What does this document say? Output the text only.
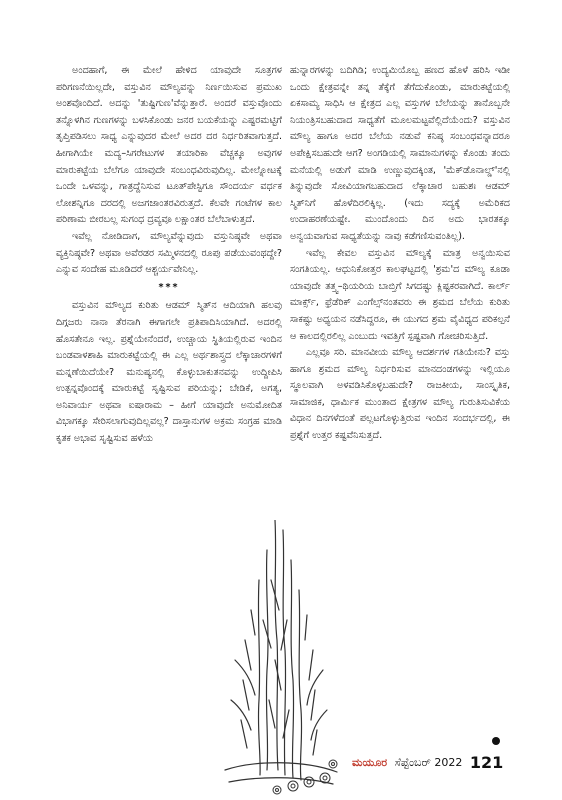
ಅಂದಹಾಗೆ, ಈ ಮೇಲೆ ಹೇಳಿದ ಯಾವುದೇ ಸೂತ್ರಗಳ ಪರಿಗಣನೆಯಿಲ್ಲದೇ, ವಸ್ತುವಿನ ಮೌಲ್ಯವನ್ನು ನಿರ್ಣಯಿಸುವ ಪ್ರಮುಖ ಅಂಶವೊಂದಿದೆ. ಅದನ್ನು 'ತುಷ್ಟಿಗುಣ'ವೆನ್ನುತ್ತಾರೆ. ಅಂದರೆ ವಸ್ತುವೊಂದು ತನ್ನೊಳಗಿನ ಗುಣಗಳನ್ನು ಬಳಸಿಕೊಂಡು ಜನರ ಬಯಕೆಯನ್ನು ಎಷ್ಟರಮಟ್ಟಿಗೆ ತೃಪ್ತಿಪಡಿಸಲು ಸಾಧ್ಯ ಎನ್ನುವುದರ ಮೇಲೆ ಅದರ ದರ ನಿರ್ಧರಿತವಾಗುತ್ತದೆ. ಹೀಗಾಗಿಯೇ ಮದ್ಯ–ಸಿಗರೇಟುಗಳ ತಯಾರಿಕಾ ವೆಚ್ಚಕ್ಕೂ ಅವುಗಳ ಮಾರುಕಟ್ಟೆಯ ಬೆಲೆಗೂ ಯಾವುದೇ ಸಂಬಂಧವಿರುವುದಿಲ್ಲ. ಮೇಲ್ನೋಟಕ್ಕೆ ಒಂದೇ ಒಳವನ್ನು, ಗಾತ್ರದ್ದೆನಿಸುವ ಟೂತ್‌ಪೇಸ್ಟಿಗೂ ಸೌಂದರ್ಯ ವರ್ಧಕ ಲೋಶನ್ನಿಗೂ ದರದಲ್ಲಿ ಅಜಗಜಾಂತರವಿರುತ್ತದೆ. ಕೆಲವೇ ಗಂಟೆಗಳ ಕಾಲ ಪರಿಣಾಮ ಬೀರಬಲ್ಲ ಸುಗಂಧ ದ್ರವ್ಯವೂ ಲಕ್ಷಾಂತರ ಬೆಲೆಬಾಳುತ್ತದೆ.

ಇವೆಲ್ಲ ನೋಡಿದಾಗ, ಮೌಲ್ಯವೆನ್ನುವುದು ವಸ್ತುನಿಷ್ಠವೇ ಅಥವಾ ವ್ಯಕ್ತಿನಿಷ್ಠವೇ? ಅಥವಾ ಅವೆರಡರ ಸಮ್ಮಿಳನದಲ್ಲಿ ರೂಪು ಪಡೆಯುವಂಥದ್ದೇ? ಎನ್ನುವ ಸಂದೇಹ ಮೂಡಿದರೆ ಆಶ್ಚರ್ಯವೇನಿಲ್ಲ.

***

ವಸ್ತುವಿನ ಮೌಲ್ಯದ ಕುರಿತು ಆಡಮ್ ಸ್ಮಿತ್‌ನ ಆದಿಯಾಗಿ ಹಲವು ದಿಗ್ಗಜರು ನಾನಾ ತೆರನಾಗಿ ಈಗಾಗಲೇ ಪ್ರತಿಪಾದಿಸಿಯಾಗಿದೆ. ಅದರಲ್ಲಿ ಹೊಸತೇನೂ ಇಲ್ಲ. ಪ್ರಶ್ನೆಯೇನೆಂದರೆ, ಉಚ್ಚಾಯ ಸ್ಥಿತಿಯಲ್ಲಿರುವ ಇಂದಿನ ಬಂಡವಾಳಶಾಹಿ ಮಾರುಕಟ್ಟೆಯಲ್ಲಿ ಈ ಎಲ್ಲ ಅರ್ಥಶಾಸ್ತ್ರದ ಲೆಕ್ಕಾಚಾರಗಳಿಗೆ ಮನ್ನಣೆಯಿದೆಯೇ? ಮನುಷ್ಯನಲ್ಲಿ ಕೊಳ್ಳುಬಾಕುತನವನ್ನು ಉದ್ದೀಪಿಸಿ ಉತ್ಪನ್ನವೊಂದಕ್ಕೆ ಮಾರುಕಟ್ಟೆ ಸೃಷ್ಟಿಸುವ ಪರಿಯನ್ನು; ಬೇಡಿಕೆ, ಅಗತ್ಯ, ಅನಿವಾರ್ಯ ಅಥವಾ ಐಷಾರಾಮ – ಹೀಗೆ ಯಾವುದೇ ಅನುಮೋದಿತ ವಿಭಾಗಕ್ಕೂ ಸೇರಿಸಲಾಗುವುದಿಲ್ಲವಲ್ಲ? ದಾಸ್ತಾನುಗಳ ಅಕ್ರಮ ಸಂಗ್ರಹ ಮಾಡಿ ಕೃತಕ ಅಭಾವ ಸೃಷ್ಟಿಸುವ ಹಳೆಯ

ಹುನ್ನಾರಗಳನ್ನು ಬದಿಗಿಡಿ; ಉದ್ಯಮಿಯೊಬ್ಬ ಹಣದ ಹೊಳೆ ಹರಿಸಿ ಇಡೀ ಒಂದು ಕ್ಷೇತ್ರವನ್ನೇ ತನ್ನ ತೆಕ್ಕೆಗೆ ತೆಗೆದುಕೊಂಡು, ಮಾರುಕಟ್ಟೆಯಲ್ಲಿ ಏಕಸಾಮ್ಯ ಸಾಧಿಸಿ ಆ ಕ್ಷೇತ್ರದ ಎಲ್ಲ ವಸ್ತುಗಳ ಬೆಲೆಯನ್ನು ತಾನೊಬ್ಬನೇ ನಿಯಂತ್ರಿಸಬಹುದಾದ ಸಾಧ್ಯತೆಗೆ ಮೂಲಮಟ್ಟವೆಲ್ಲಿದೆಯೆಂದು? ವಸ್ತುವಿನ ಮೌಲ್ಯ ಹಾಗೂ ಅದರ ಬೆಲೆಯ ನಡುವೆ ಕನಿಷ್ಠ ಸಂಬಂಧವನ್ನಾದರೂ ಅಪೇಕ್ಷಿಸಬಹುದೇ ಆಗ? ಅಂಗಡಿಯಲ್ಲಿ ಸಾಮಾನುಗಳನ್ನು ಕೊಂಡು ತಂದು ಮನೆಯಲ್ಲಿ ಅಡುಗೆ ಮಾಡಿ ಉಣ್ಣುವುದಕ್ಕಿಂತ, 'ಮೆಕ್‌ಡೊನಾಲ್ಡ್'ನಲ್ಲಿ ತಿನ್ನುವುದೇ ಸೋವಿಯಾಗಬಹುದಾದ ಲೆಕ್ಕಾಚಾರ ಬಹುಶಃ ಆಡಮ್ ಸ್ಮಿತ್‌ನಿಗೆ ಹೊಳೆದಿರಲಿಕ್ಕಿಲ್ಲ. (ಇದು ಸದ್ಯಕ್ಕೆ ಅಮೆರಿಕದ ಉದಾಹರಣೆಯಷ್ಟೇ. ಮುಂದೊಂದು ದಿನ ಅದು ಭಾರತಕ್ಕೂ ಅನ್ವಯವಾಗುವ ಸಾಧ್ಯತೆಯನ್ನು ನಾವು ಕಡೆಗಣಿಸುವಂತಿಲ್ಲ).

ಇವೆಲ್ಲ ಕೇವಲ ವಸ್ತುವಿನ ಮೌಲ್ಯಕ್ಕೆ ಮಾತ್ರ ಅನ್ವಯಿಸುವ ಸಂಗತಿಯಲ್ಲ. ಆಧುನಿಕೋತ್ತರ ಕಾಲಘಟ್ಟದಲ್ಲಿ 'ಶ್ರಮ'ದ ಮೌಲ್ಯ ಕೂಡಾ ಯಾವುದೇ ತತ್ತ್ವ–ಥಿಯರಿಯ ಬಾಬ್ತಿಗೆ ಸಿಗದಷ್ಟು ಕ್ಲಿಷ್ಟಕರವಾಗಿದೆ. ಕಾರ್ಲ್ ಮಾರ್ಕ್ಸ್, ಫ್ರೆಡೆರಿಕ್ ಎಂಗೆಲ್ಸ್‌ನಂತವರು ಈ ಶ್ರಮದ ಬೆಲೆಯ ಕುರಿತು ಸಾಕಷ್ಟು ಅಧ್ಯಯನ ನಡೆಸಿದ್ದರೂ, ಈ ಯುಗದ ಶ್ರಮ ವೈವಿಧ್ಯದ ಪರಿಕಲ್ಪನೆ ಆ ಕಾಲದಲ್ಲಿರಲಿಲ್ಲ ಎಂಬುದು ಇವತ್ತಿಗೆ ಸ್ಪಷ್ಟವಾಗಿ ಗೋಚರಿಸುತ್ತಿದೆ.

ಎಲ್ಲವೂ ಸರಿ. ಮಾನವೀಯ ಮೌಲ್ಯ ಆದರ್ಶಗಳ ಗತಿಯೇನು? ವಸ್ತು ಹಾಗೂ ಶ್ರಮದ ಮೌಲ್ಯ ನಿರ್ಧರಿಸುವ ಮಾನದಂಡಗಳನ್ನು ಇಲ್ಲಿಯೂ ಸ್ಥೂಲವಾಗಿ ಅಳವಡಿಸಿಕೊಳ್ಳಬಹುದೇ? ರಾಜಕೀಯ, ಸಾಂಸ್ಕೃತಿಕ, ಸಾಮಾಜಿಕ, ಧಾರ್ಮಿಕ ಮುಂತಾದ ಕ್ಷೇತ್ರಗಳ ಮೌಲ್ಯ ಗುರುತಿಸುವಿಕೆಯ ವಿಧಾನ ದಿನಗಳೆದಂತೆ ಪಲ್ಲಟಗೊಳ್ಳುತ್ತಿರುವ ಇಂದಿನ ಸಂದರ್ಭದಲ್ಲಿ, ಈ ಪ್ರಶ್ನೆಗೆ ಉತ್ತರ ಕಷ್ಟವೆನಿಸುತ್ತದೆ.

ಮಯೂರ ಸೆಪ್ಟೆಂಬರ್ 2022 121
